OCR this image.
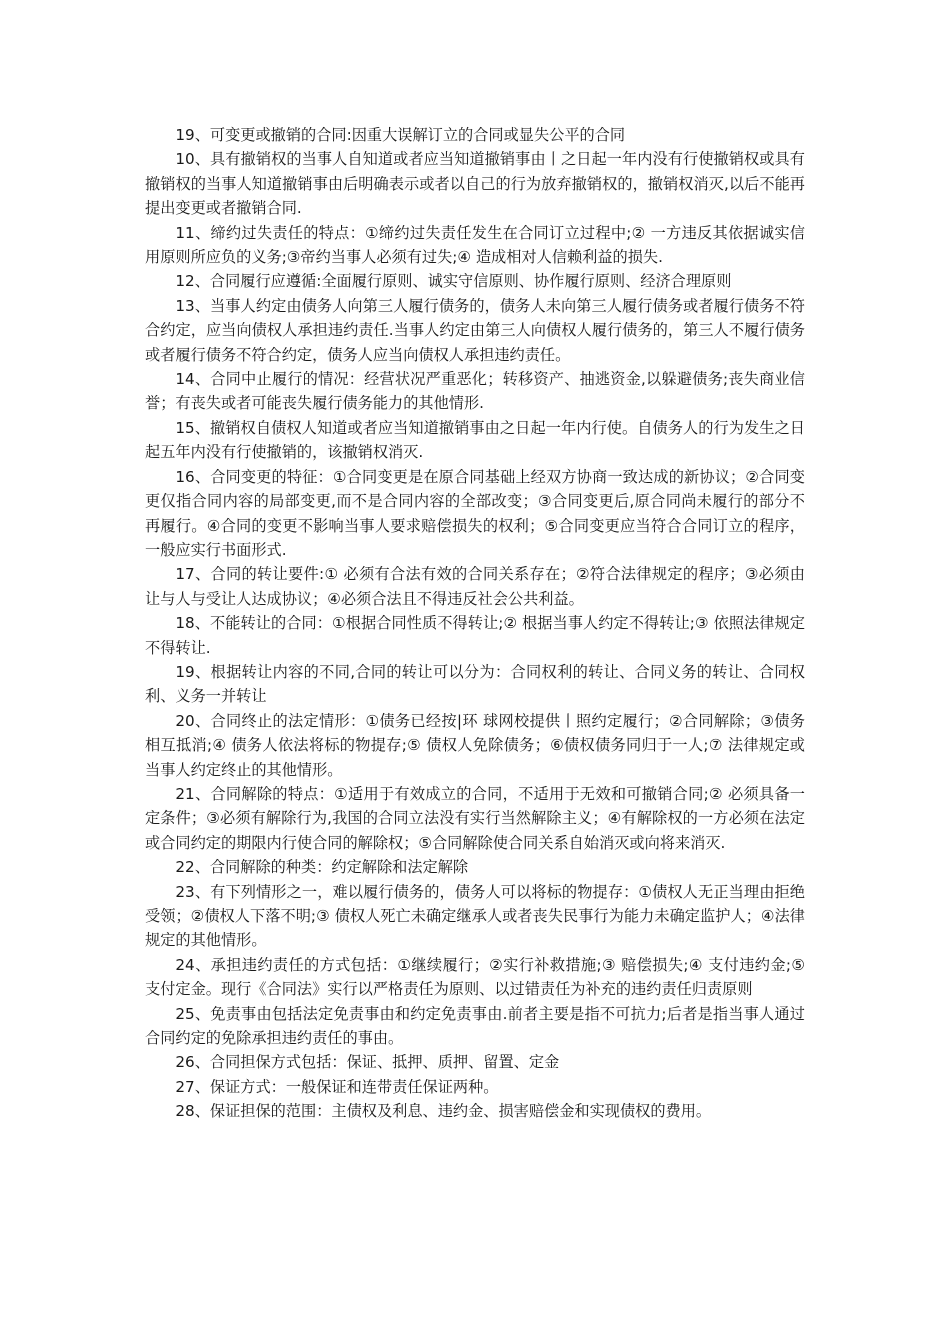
19、可变更或撤销的合同:因重大误解订立的合同或显失公平的合同

10、具有撤销权的当事人自知道或者应当知道撤销事由丨之日起一年内没有行使撤销权或具有撤销权的当事人知道撤销事由后明确表示或者以自己的行为放弃撤销权的，撤销权消灭,以后不能再提出变更或者撤销合同.

11、缔约过失责任的特点：①缔约过失责任发生在合同订立过程中;② 一方违反其依据诚实信用原则所应负的义务;③帝约当事人必须有过失;④ 造成相对人信赖利益的损失.

12、合同履行应遵循:全面履行原则、诚实守信原则、协作履行原则、经济合理原则

13、当事人约定由债务人向第三人履行债务的，债务人未向第三人履行债务或者履行债务不符合约定，应当向债权人承担违约责任.当事人约定由第三人向债权人履行债务的，第三人不履行债务或者履行债务不符合约定，债务人应当向债权人承担违约责任。

14、合同中止履行的情况：经营状况严重恶化；转移资产、抽逃资金,以躲避债务;丧失商业信誉；有丧失或者可能丧失履行债务能力的其他情形.

15、撤销权自债权人知道或者应当知道撤销事由之日起一年内行使。自债务人的行为发生之日起五年内没有行使撤销的，该撤销权消灭.

16、合同变更的特征：①合同变更是在原合同基础上经双方协商一致达成的新协议；②合同变更仅指合同内容的局部变更,而不是合同内容的全部改变；③合同变更后,原合同尚未履行的部分不再履行。④合同的变更不影响当事人要求赔偿损失的权利；⑤合同变更应当符合合同订立的程序，一般应实行书面形式.

17、合同的转让要件:① 必须有合法有效的合同关系存在；②符合法律规定的程序；③必须由让与人与受让人达成协议；④必须合法且不得违反社会公共利益。

18、不能转让的合同：①根据合同性质不得转让;② 根据当事人约定不得转让;③ 依照法律规定不得转让.

19、根据转让内容的不同,合同的转让可以分为：合同权利的转让、合同义务的转让、合同权利、义务一并转让

20、合同终止的法定情形：①债务已经按|环 球网校提供丨照约定履行；②合同解除；③债务相互抵消;④ 债务人依法将标的物提存;⑤ 债权人免除债务；⑥债权债务同归于一人;⑦ 法律规定或当事人约定终止的其他情形。

21、合同解除的特点：①适用于有效成立的合同，不适用于无效和可撤销合同;② 必须具备一定条件；③必须有解除行为,我国的合同立法没有实行当然解除主义；④有解除权的一方必须在法定或合同约定的期限内行使合同的解除权；⑤合同解除使合同关系自始消灭或向将来消灭.

22、合同解除的种类：约定解除和法定解除

23、有下列情形之一，难以履行债务的，债务人可以将标的物提存：①债权人无正当理由拒绝受领；②债权人下落不明;③ 债权人死亡未确定继承人或者丧失民事行为能力未确定监护人；④法律规定的其他情形。

24、承担违约责任的方式包括：①继续履行；②实行补救措施;③ 赔偿损失;④ 支付违约金;⑤ 支付定金。现行《合同法》实行以严格责任为原则、以过错责任为补充的违约责任归责原则

25、免责事由包括法定免责事由和约定免责事由.前者主要是指不可抗力;后者是指当事人通过合同约定的免除承担违约责任的事由。

26、合同担保方式包括：保证、抵押、质押、留置、定金

27、保证方式：一般保证和连带责任保证两种。

28、保证担保的范围：主债权及利息、违约金、损害赔偿金和实现债权的费用。
